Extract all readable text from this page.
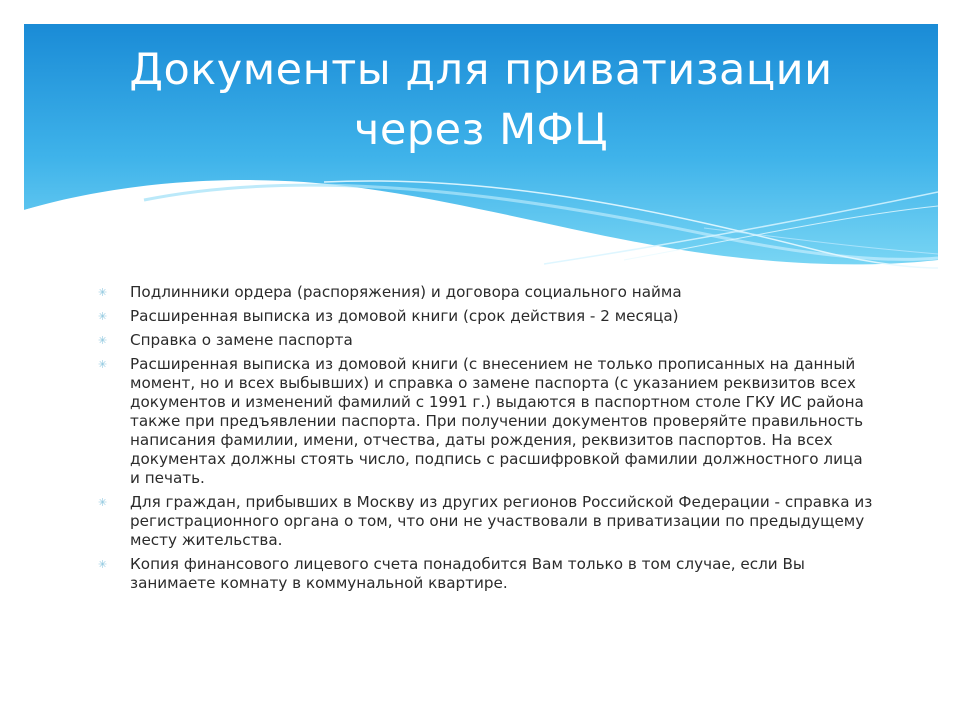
Документы для приватизации
через МФЦ
✳ Подлинники ордера (распоряжения) и договора социального найма
✳ Расширенная выписка из домовой книги (срок действия - 2 месяца)
✳ Справка о замене паспорта
✳ Расширенная выписка из домовой книги (с внесением не только прописанных на данный момент, но и всех выбывших) и справка о замене паспорта (с указанием реквизитов всех документов и изменений фамилий с 1991 г.) выдаются в паспортном столе ГКУ ИС района также при предъявлении паспорта. При получении документов проверяйте правильность написания фамилии, имени, отчества, даты рождения, реквизитов паспортов. На всех документах должны стоять число, подпись с расшифровкой фамилии должностного лица и печать.
✳ Для граждан, прибывших в Москву из других регионов Российской Федерации - справка из регистрационного органа о том, что они не участвовали в приватизации по предыдущему месту жительства.
✳ Копия финансового лицевого счета понадобится Вам только в том случае, если Вы занимаете комнату в коммунальной квартире.
